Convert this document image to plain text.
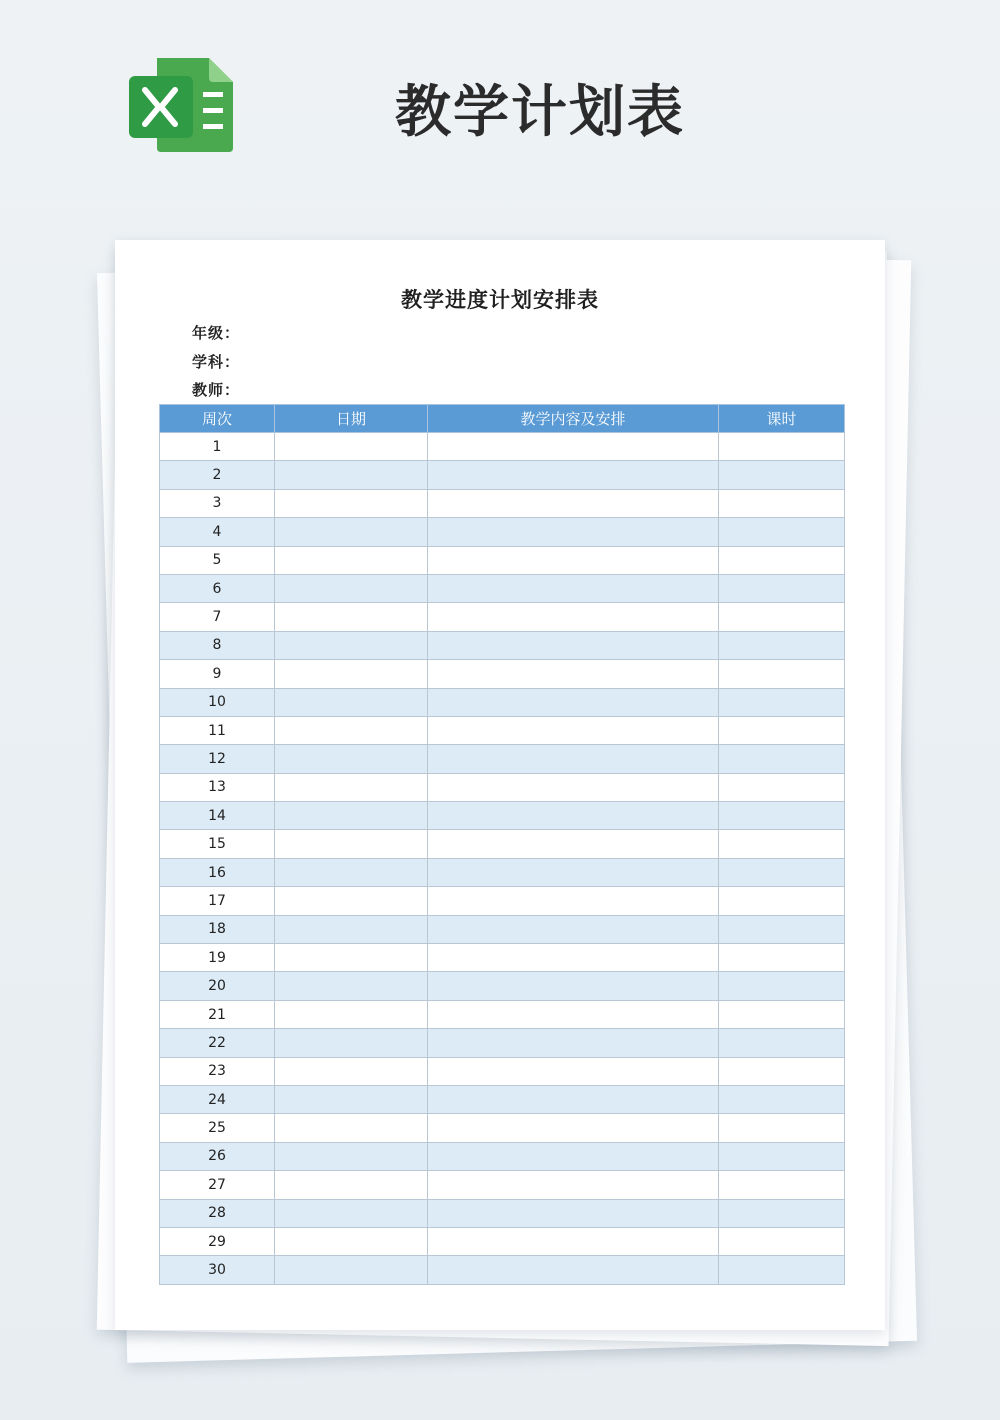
教学计划表
教学进度计划安排表
年级：
学科：
教师：
周次	日期	教学内容及安排	课时
1			
2			
3			
4			
5			
6			
7			
8			
9			
10			
11			
12			
13			
14			
15			
16			
17			
18			
19			
20			
21			
22			
23			
24			
25			
26			
27			
28			
29			
30			
